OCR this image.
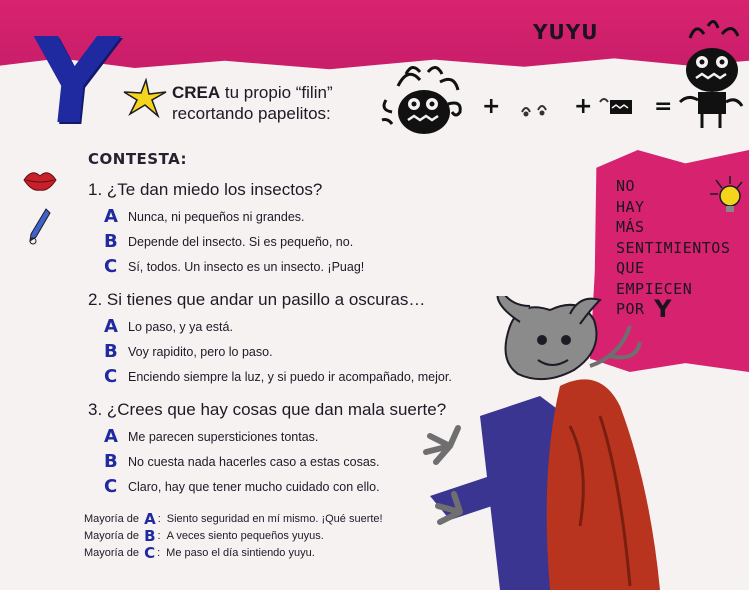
YUYU
Y	CREA tu propio “filin”
recortando papelitos:	+	+	=
NO
HAY
MÁS
SENTIMIENTOS
QUE
EMPIECEN
POR Y
CONTESTA:
1. ¿Te dan miedo los insectos?
A Nunca, ni pequeños ni grandes.
B Depende del insecto. Si es pequeño, no.
C Sí, todos. Un insecto es un insecto. ¡Puag!
2. Si tienes que andar un pasillo a oscuras…
A Lo paso, y ya está.
B Voy rapidito, pero lo paso.
C Enciendo siempre la luz, y si puedo ir acompañado, mejor.
3. ¿Crees que hay cosas que dan mala suerte?
A Me parecen supersticiones tontas.
B No cuesta nada hacerles caso a estas cosas.
C Claro, hay que tener mucho cuidado con ello.
Mayoría de
A : Siento seguridad en mí mismo. ¡Qué suerte!
Mayoría de
B : A veces siento pequeños yuyus.
Mayoría de
C : Me paso el día sintiendo yuyu.
